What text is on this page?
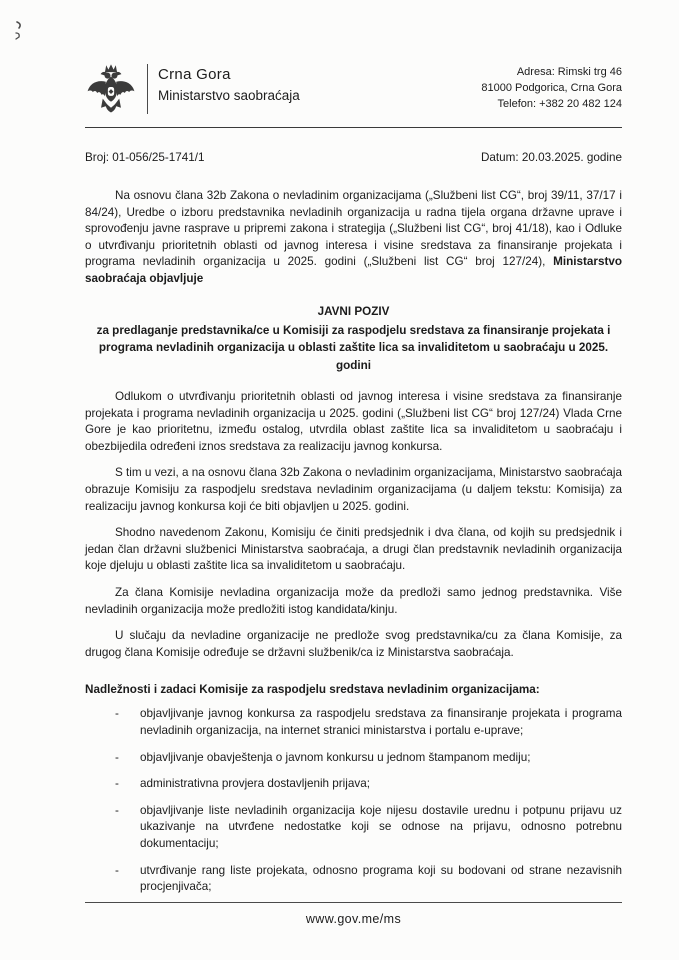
Crna Gora
Ministarstvo saobraćaja
Adresa: Rimski trg 46
81000 Podgorica, Crna Gora
Telefon: +382 20 482 124
Broj: 01-056/25-1741/1	Datum: 20.03.2025. godine

Na osnovu člana 32b Zakona o nevladinim organizacijama („Službeni list CG“, broj 39/11, 37/17 i 84/24), Uredbe o izboru predstavnika nevladinih organizacija u radna tijela organa državne uprave i sprovođenju javne rasprave u pripremi zakona i strategija („Službeni list CG“, broj 41/18), kao i Odluke o utvrđivanju prioritetnih oblasti od javnog interesa i visine sredstava za finansiranje projekata i programa nevladinih organizacija u 2025. godini („Službeni list CG“ broj 127/24), Ministarstvo saobraćaja objavljuje

JAVNI POZIV
za predlaganje predstavnika/ce u Komisiji za raspodjelu sredstava za finansiranje projekata i programa nevladinih organizacija u oblasti zaštite lica sa invaliditetom u saobraćaju u 2025. godini

Odlukom o utvrđivanju prioritetnih oblasti od javnog interesa i visine sredstava za finansiranje projekata i programa nevladinih organizacija u 2025. godini („Službeni list CG“ broj 127/24) Vlada Crne Gore je kao prioritetnu, između ostalog, utvrdila oblast zaštite lica sa invaliditetom u saobraćaju i obezbijedila određeni iznos sredstava za realizaciju javnog konkursa.

S tim u vezi, a na osnovu člana 32b Zakona o nevladinim organizacijama, Ministarstvo saobraćaja obrazuje Komisiju za raspodjelu sredstava nevladinim organizacijama (u daljem tekstu: Komisija) za realizaciju javnog konkursa koji će biti objavljen u 2025. godini.

Shodno navedenom Zakonu, Komisiju će činiti predsjednik i dva člana, od kojih su predsjednik i jedan član državni službenici Ministarstva saobraćaja, a drugi član predstavnik nevladinih organizacija koje djeluju u oblasti zaštite lica sa invaliditetom u saobraćaju.

Za člana Komisije nevladina organizacija može da predloži samo jednog predstavnika. Više nevladinih organizacija može predložiti istog kandidata/kinju.

U slučaju da nevladine organizacije ne predlože svog predstavnika/cu za člana Komisije, za drugog člana Komisije određuje se državni službenik/ca iz Ministarstva saobraćaja.

Nadležnosti i zadaci Komisije za raspodjelu sredstava nevladinim organizacijama:
-	objavljivanje javnog konkursa za raspodjelu sredstava za finansiranje projekata i programa nevladinih organizacija, na internet stranici ministarstva i portalu e-uprave;
-	objavljivanje obavještenja o javnom konkursu u jednom štampanom mediju;
-	administrativna provjera dostavljenih prijava;
-	objavljivanje liste nevladinih organizacija koje nijesu dostavile urednu i potpunu prijavu uz ukazivanje na utvrđene nedostatke koji se odnose na prijavu, odnosno potrebnu dokumentaciju;
-	utvrđivanje rang liste projekata, odnosno programa koji su bodovani od strane nezavisnih procjenjivača;
www.gov.me/ms
